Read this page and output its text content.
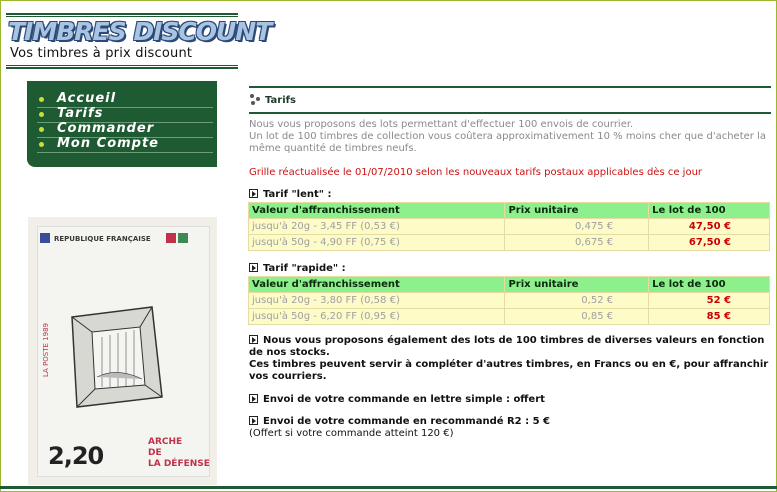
TIMBRES DISCOUNT
Vos timbres à prix discount
Accueil
Tarifs
Commander
Mon Compte
REPUBLIQUE FRANÇAISE
LA POSTE 1989
2,20	ARCHE
DE
LA DÉFENSE
Tarifs
Nous vous proposons des lots permettant d'effectuer 100 envois de courrier.
Un lot de 100 timbres de collection vous coûtera approximativement 10 % moins cher que d'acheter la même quantité de timbres neufs.
Grille réactualisée le 01/07/2010 selon les nouveaux tarifs postaux applicables dès ce jour
Tarif "lent" :
Valeur d'affranchissement	Prix unitaire	Le lot de 100
jusqu'à 20g - 3,45 FF (0,53 €)	0,475 €	47,50 €
jusqu'à 50g - 4,90 FF (0,75 €)	0,675 €	67,50 €
Tarif "rapide" :
Valeur d'affranchissement	Prix unitaire	Le lot de 100
jusqu'à 20g - 3,80 FF (0,58 €)	0,52 €	52 €
jusqu'à 50g - 6,20 FF (0,95 €)	0,85 €	85 €
Nous vous proposons également des lots de 100 timbres de diverses valeurs en fonction de nos stocks.
Ces timbres peuvent servir à compléter d'autres timbres, en Francs ou en €, pour affranchir vos courriers.
Envoi de votre commande en lettre simple : offert
Envoi de votre commande en recommandé R2 : 5 €
(Offert si votre commande atteint 120 €)
